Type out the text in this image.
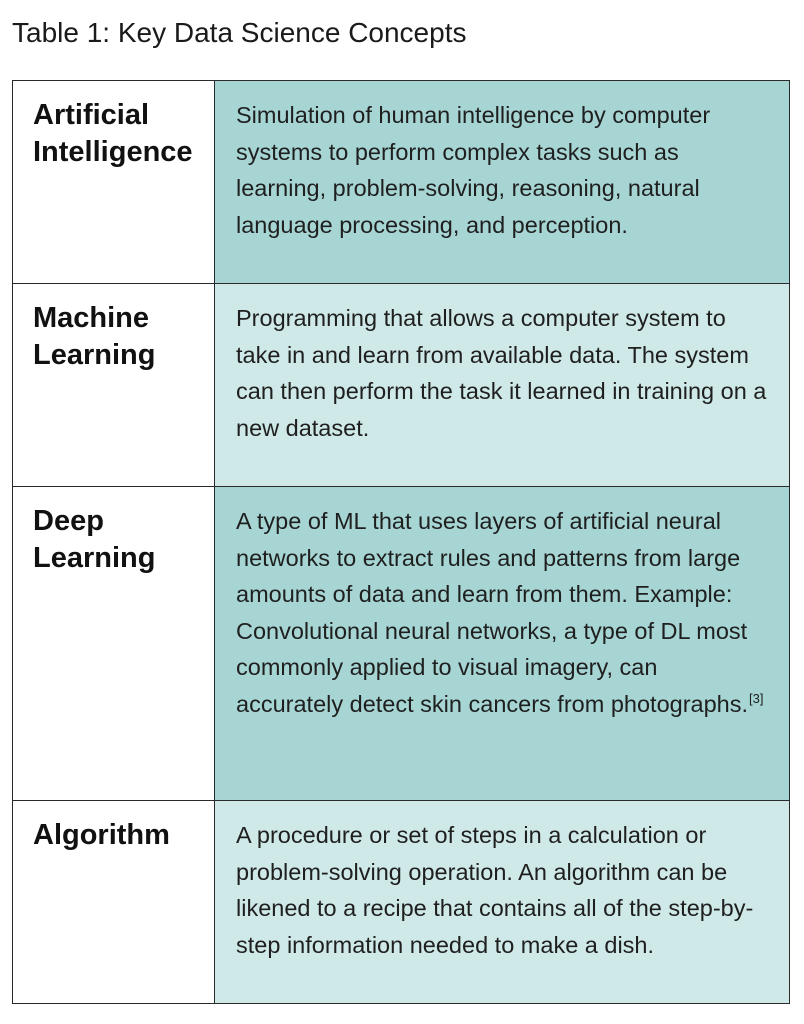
Table 1: Key Data Science Concepts
Artificial Intelligence	Simulation of human intelligence by computer systems to perform complex tasks such as learning, problem-solving, reasoning, natural language processing, and perception.

Machine Learning	Programming that allows a computer system to take in and learn from available data. The system can then perform the task it learned in training on a new dataset.

Deep Learning	A type of ML that uses layers of artificial neural networks to extract rules and patterns from large amounts of data and learn from them. Example: Convolutional neural networks, a type of DL most commonly applied to visual imagery, can accurately detect skin cancers from photographs.[3]

Algorithm	A procedure or set of steps in a calculation or problem-solving operation. An algorithm can be likened to a recipe that contains all of the step-by-step information needed to make a dish.
